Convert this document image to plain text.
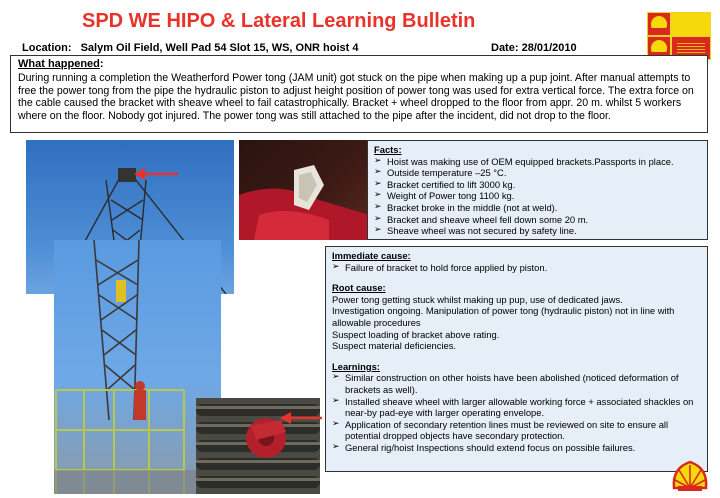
SPD WE HIPO & Lateral Learning Bulletin
Location: Salym Oil Field, Well Pad 54 Slot 15, WS, ONR hoist 4	Date: 28/01/2010
What happened:
During running a completion the Weatherford Power tong (JAM unit) got stuck on the pipe when making up a pup joint. After manual attempts to free the power tong from the pipe the hydraulic piston to adjust height position of power tong was used for extra vertical force. The extra force on the cable caused the bracket with sheave wheel to fail catastrophically. Bracket + wheel dropped to the floor from appr. 20 m. whilst 5 workers where on the floor. Nobody got injured. The power tong was still attached to the pipe after the incident, did not drop to the floor.
Facts:
➢ Hoist was making use of OEM equipped brackets.Passports in place.
➢ Outside temperature –25 °C.
➢ Bracket certified to lift 3000 kg.
➢ Weight of Power tong 1100 kg.
➢ Bracket broke in the middle (not at weld).
➢ Bracket and sheave wheel fell down some 20 m.
➢ Sheave wheel was not secured by safety line.
Immediate cause:
➢ Failure of bracket to hold force applied by piston.
Root cause:
Power tong getting stuck whilst making up pup, use of dedicated jaws.
Investigation ongoing. Manipulation of power tong (hydraulic piston) not in line with allowable procedures
Suspect loading of bracket above rating.
Suspect material deficiencies.
Learnings:
➢ Similar construction on other hoists have been abolished (noticed deformation of brackets as well).
➢ Installed sheave wheel with larger allowable working force + associated shackles on near-by pad-eye with larger operating envelope.
➢ Application of secondary retention lines must be reviewed on site to ensure all potential dropped objects have secondary protection.
➢ General rig/hoist Inspections should extend focus on possible failures.
